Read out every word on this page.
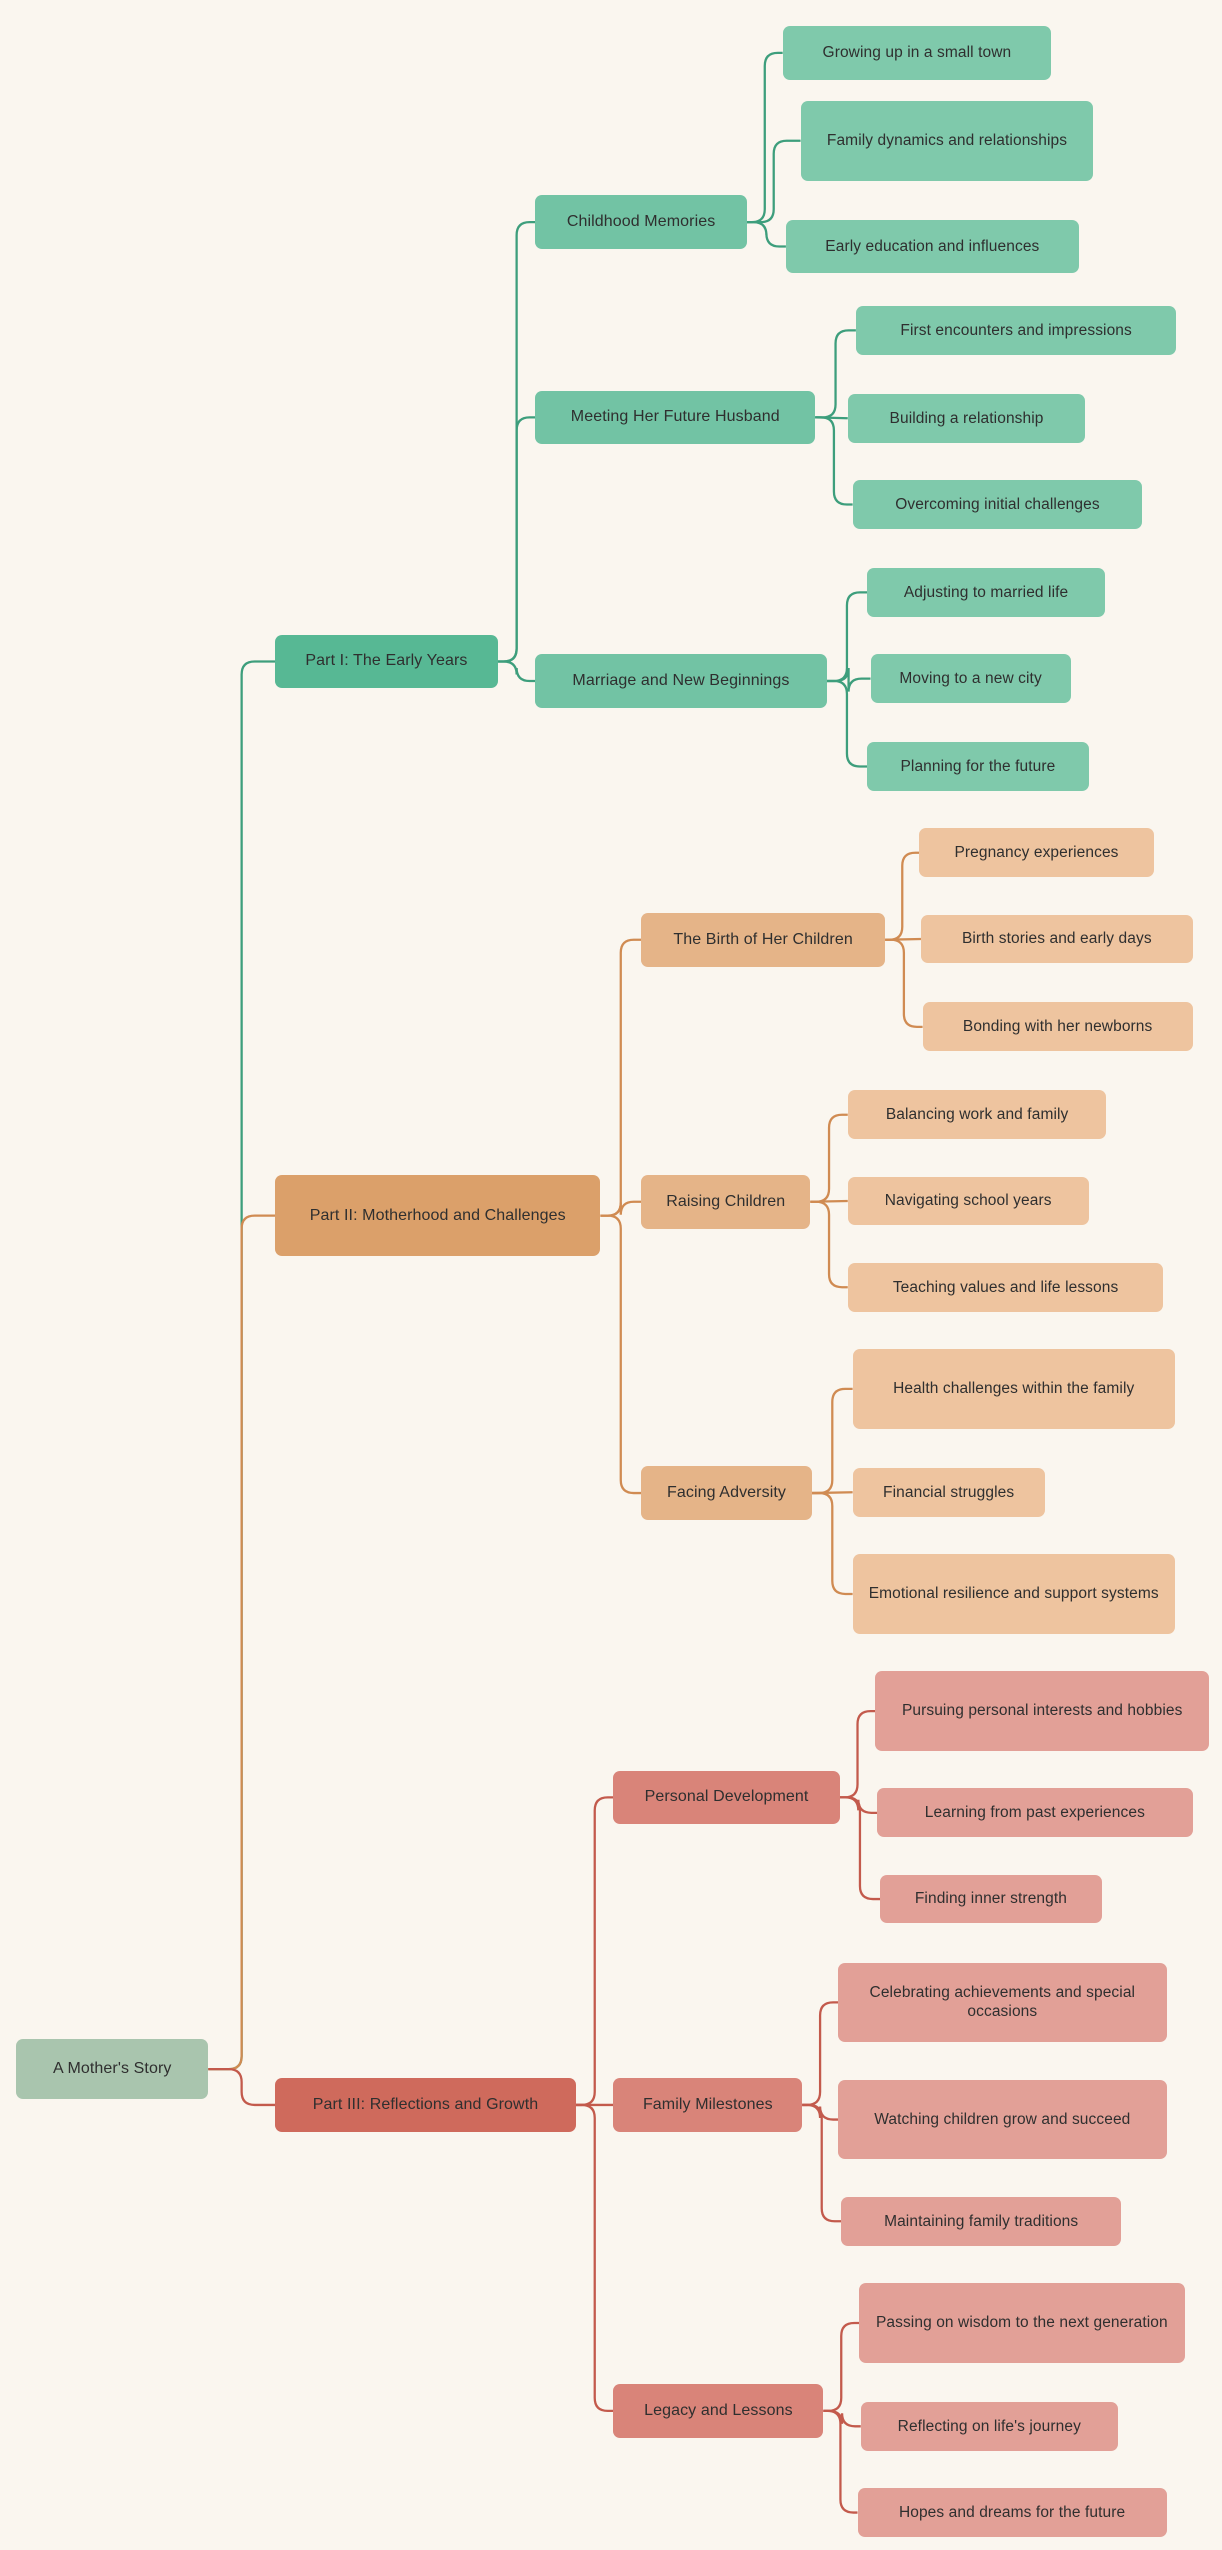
A Mother's Story
Part I: The Early Years
Childhood Memories
Growing up in a small town
Family dynamics and relationships
Early education and influences
Meeting Her Future Husband
First encounters and impressions
Building a relationship
Overcoming initial challenges
Marriage and New Beginnings
Adjusting to married life
Moving to a new city
Planning for the future
Part II: Motherhood and Challenges
The Birth of Her Children
Pregnancy experiences
Birth stories and early days
Bonding with her newborns
Raising Children
Balancing work and family
Navigating school years
Teaching values and life lessons
Facing Adversity
Health challenges within the family
Financial struggles
Emotional resilience and support systems
Part III: Reflections and Growth
Personal Development
Pursuing personal interests and hobbies
Learning from past experiences
Finding inner strength
Family Milestones
Celebrating achievements and special occasions
Watching children grow and succeed
Maintaining family traditions
Legacy and Lessons
Passing on wisdom to the next generation
Reflecting on life's journey
Hopes and dreams for the future
